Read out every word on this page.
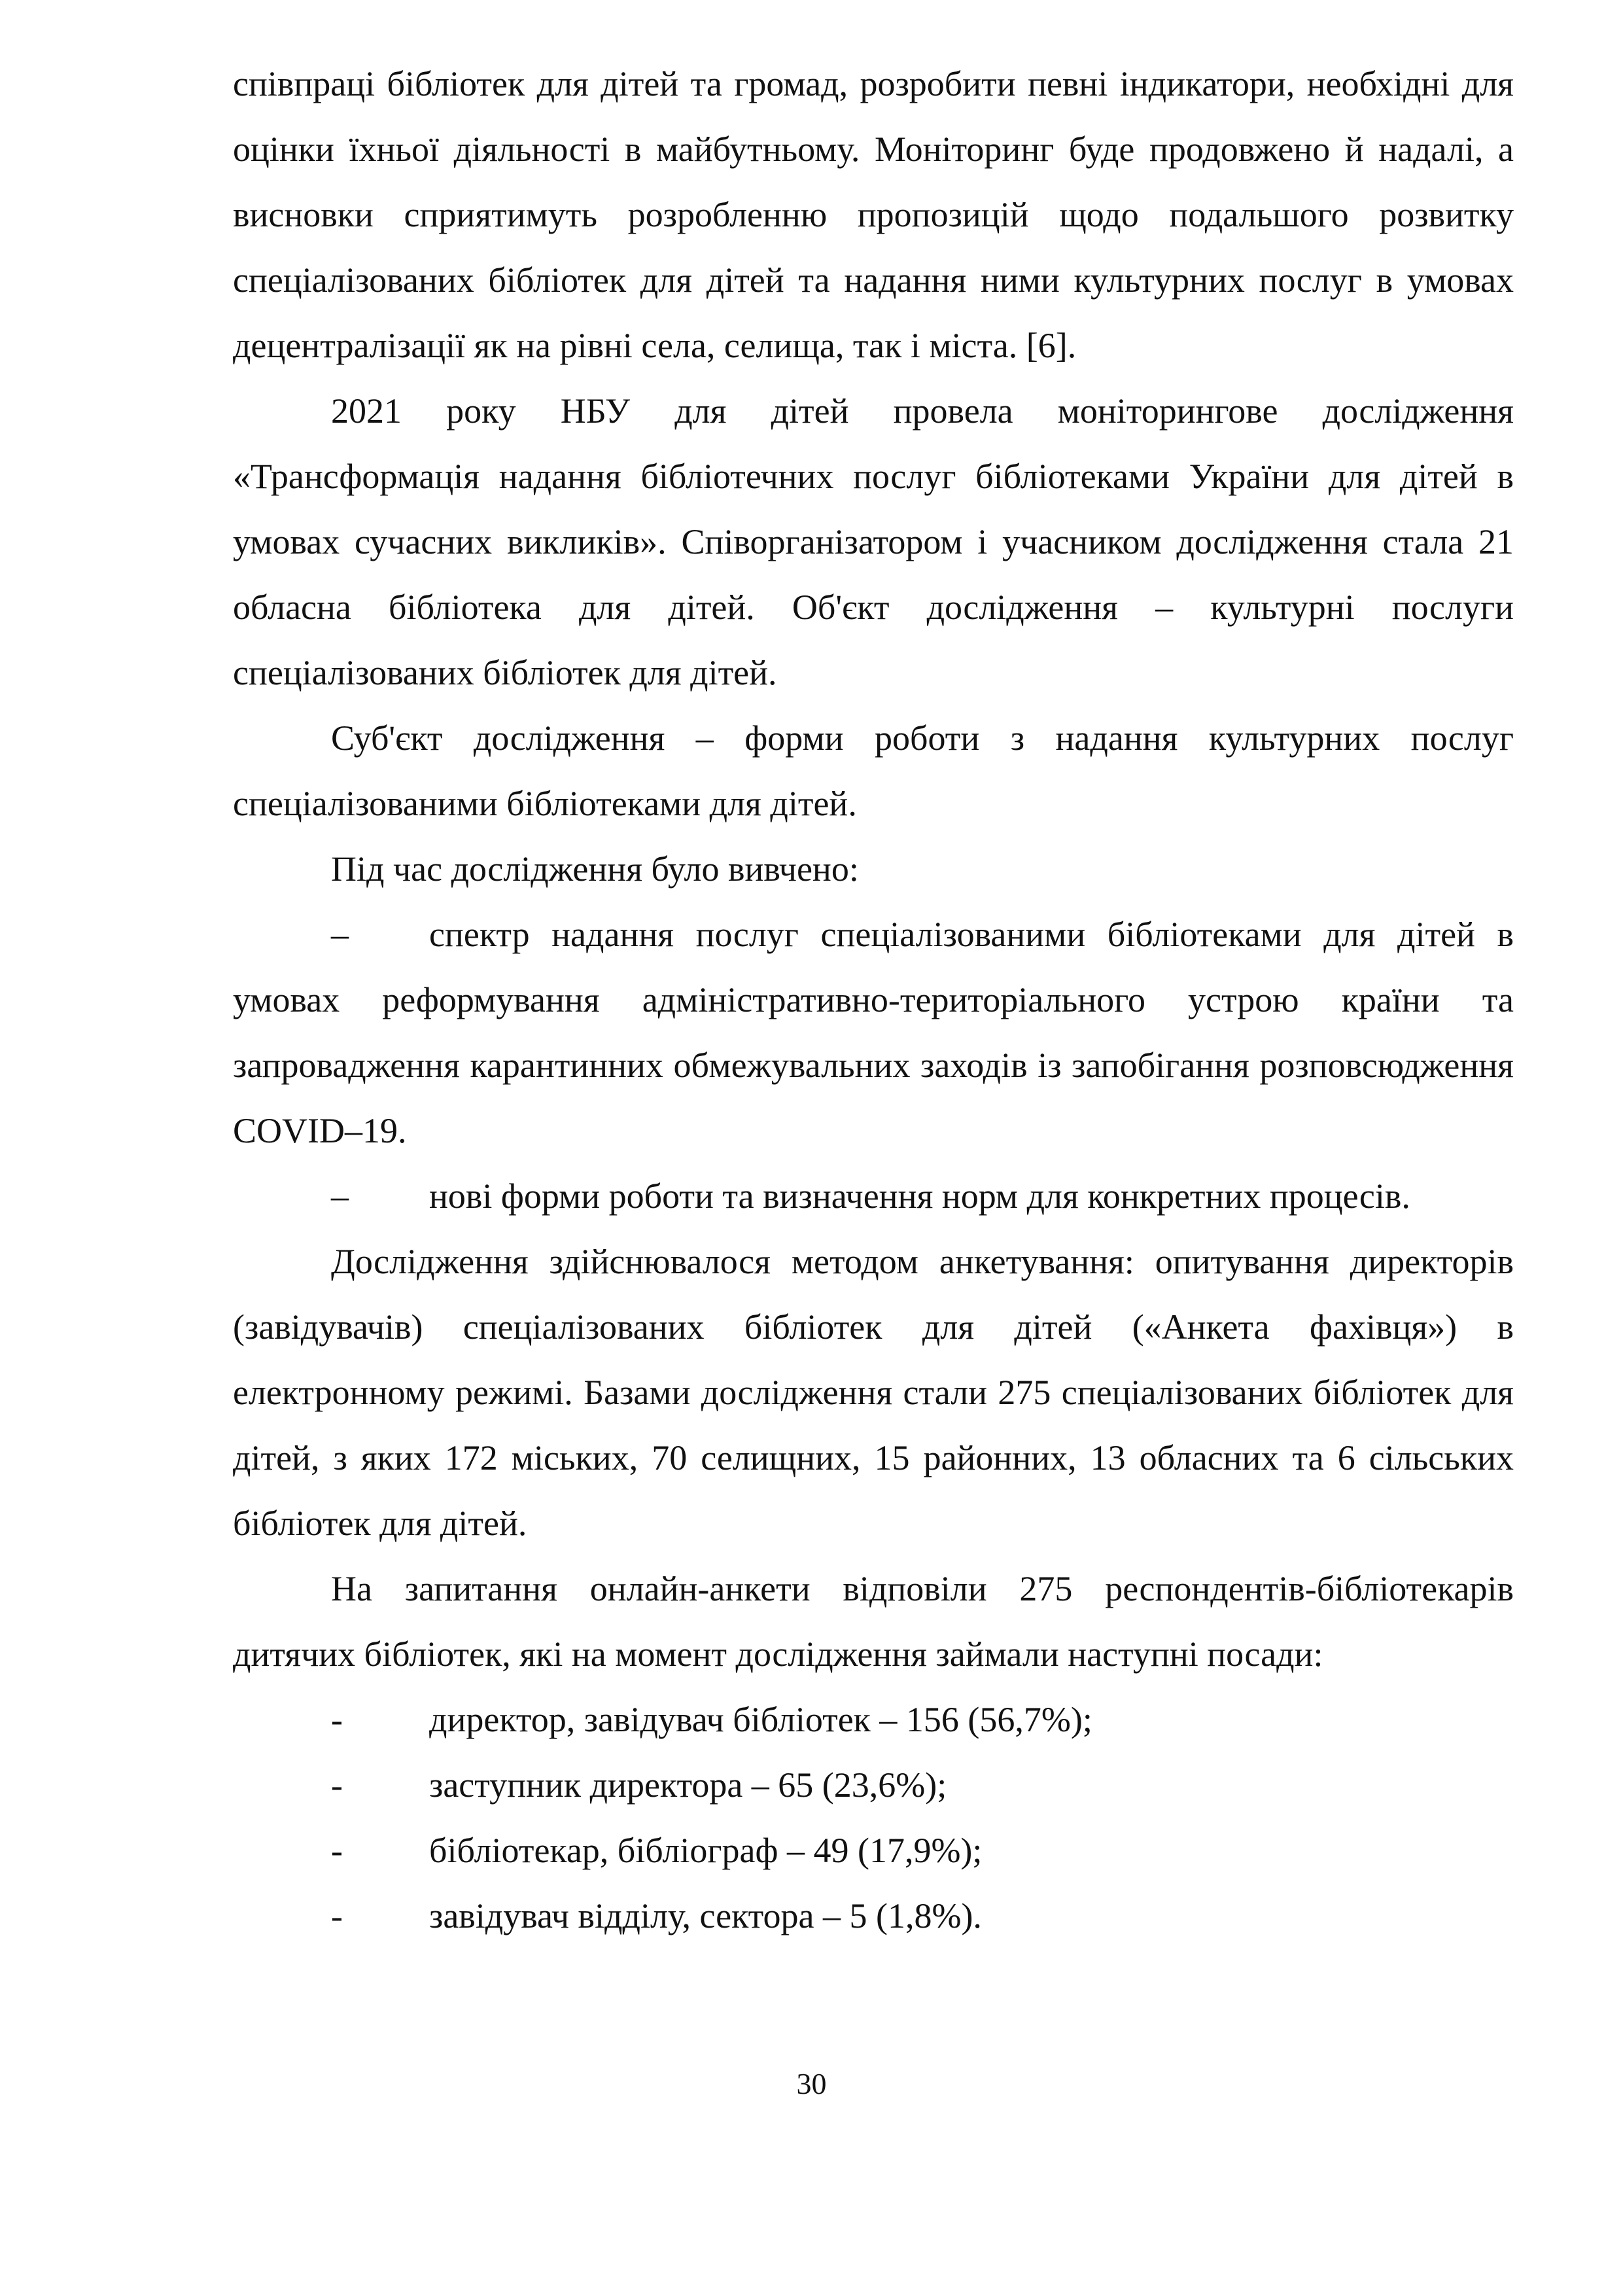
співпраці бібліотек для дітей та громад, розробити певні індикатори, необхідні для оцінки їхньої діяльності в майбутньому. Моніторинг буде продовжено й надалі, а висновки сприятимуть розробленню пропозицій щодо подальшого розвитку спеціалізованих бібліотек для дітей та надання ними культурних послуг в умовах децентралізації як на рівні села, селища, так і міста. [6].

2021 року НБУ для дітей провела моніторингове дослідження «Трансформація надання бібліотечних послуг бібліотеками України для дітей в умовах сучасних викликів». Співорганізатором і учасником дослідження стала 21 обласна бібліотека для дітей. Об'єкт дослідження – культурні послуги спеціалізованих бібліотек для дітей.

Суб'єкт дослідження – форми роботи з надання культурних послуг спеціалізованими бібліотеками для дітей.

Під час дослідження було вивчено:

– спектр надання послуг спеціалізованими бібліотеками для дітей в умовах реформування адміністративно-територіального устрою країни та запровадження карантинних обмежувальних заходів із запобігання розповсюдження COVID–19.

– нові форми роботи та визначення норм для конкретних процесів.

Дослідження здійснювалося методом анкетування: опитування директорів (завідувачів) спеціалізованих бібліотек для дітей («Анкета фахівця») в електронному режимі. Базами дослідження стали 275 спеціалізованих бібліотек для дітей, з яких 172 міських, 70 селищних, 15 районних, 13 обласних та 6 сільських бібліотек для дітей.

На запитання онлайн-анкети відповіли 275 респондентів-бібліотекарів дитячих бібліотек, які на момент дослідження займали наступні посади:

- директор, завідувач бібліотек – 156 (56,7%);

- заступник директора – 65 (23,6%);

- бібліотекар, бібліограф – 49 (17,9%);

- завідувач відділу, сектора – 5 (1,8%).

30
